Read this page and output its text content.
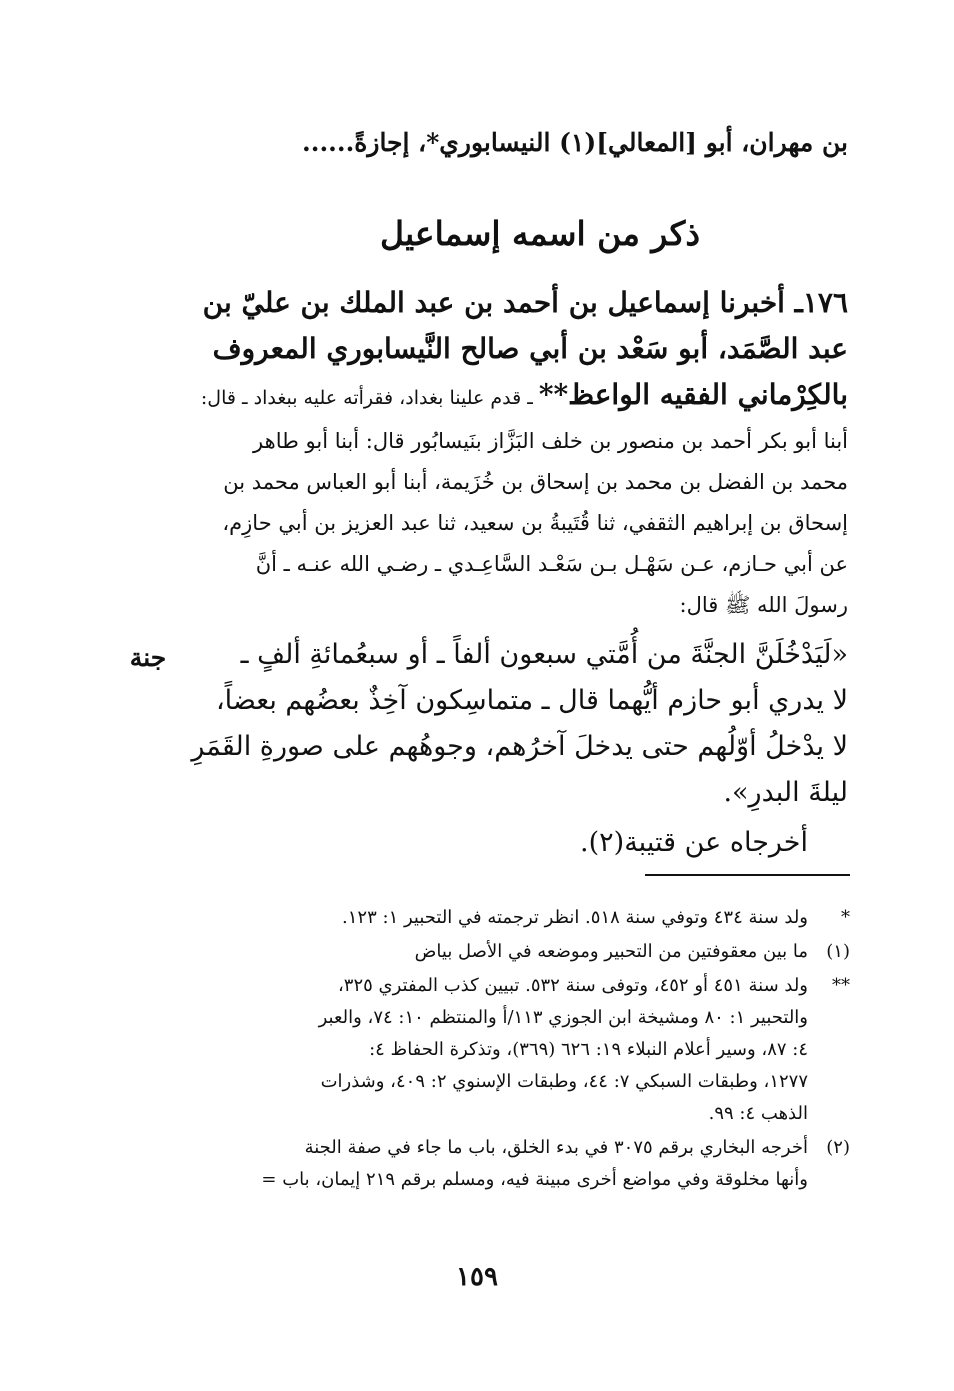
بن مهران، أبو [المعالي](١) النيسابوري*، إجازةً......
ذكر من اسمه إسماعيل
١٧٦ـ أخبرنا إسماعيل بن أحمد بن عبد الملك بن عليّ بن
عبد الصَّمَد، أبو سَعْد بن أبي صالح النَّيسابوري المعروف
بالكِرْماني الفقيه الواعظ** ـ قدم علينا بغداد، فقرأته عليه ببغداد ـ قال:
أبنا أبو بكر أحمد بن منصور بن خلف البَزَّاز بنَيسابُور قال: أبنا أبو طاهر
محمد بن الفضل بن محمد بن إسحاق بن خُزَيمة، أبنا أبو العباس محمد بن
إسحاق بن إبراهيم الثقفي، ثنا قُتَيبةُ بن سعيد، ثنا عبد العزيز بن أبي حازِم،
عن أبي حـازم، عـن سَهْـل بـن سَعْـد السَّاعِـدي ـ رضـي الله عنـه ـ أنَّ
رسولَ الله ﷺ قال:
«لَيَدْخُلَنَّ الجنَّةَ من أُمَّتي سبعون ألفاً ـ أو سبعُمائةِ ألفٍ ـ
لا يدري أبو حازم أيُّهما قال ـ متماسِكون آخِذٌ بعضُهم بعضاً،
لا يدْخلُ أوّلُهم حتى يدخلَ آخرُهم، وجوهُهم على صورةِ القَمَرِ
ليلةَ البدرِ».
أخرجاه عن قتيبة(٢).
جنة
*
ولد سنة ٤٣٤ وتوفي سنة ٥١٨. انظر ترجمته في التحبير ١: ١٢٣.
(١)
ما بين معقوفتين من التحبير وموضعه في الأصل بياض
**
ولد سنة ٤٥١ أو ٤٥٢، وتوفى سنة ٥٣٢. تبيين كذب المفتري ٣٢٥،
والتحبير ١: ٨٠ ومشيخة ابن الجوزي ١١٣/أ والمنتظم ١٠: ٧٤، والعبر
٤: ٨٧، وسير أعلام النبلاء ١٩: ٦٢٦ (٣٦٩)، وتذكرة الحفاظ ٤:
١٢٧٧، وطبقات السبكي ٧: ٤٤، وطبقات الإسنوي ٢: ٤٠٩، وشذرات
الذهب ٤: ٩٩.
(٢)
أخرجه البخاري برقم ٣٠٧٥ في بدء الخلق، باب ما جاء في صفة الجنة
وأنها مخلوقة وفي مواضع أخرى مبينة فيه، ومسلم برقم ٢١٩ إيمان، باب =
١٥٩
